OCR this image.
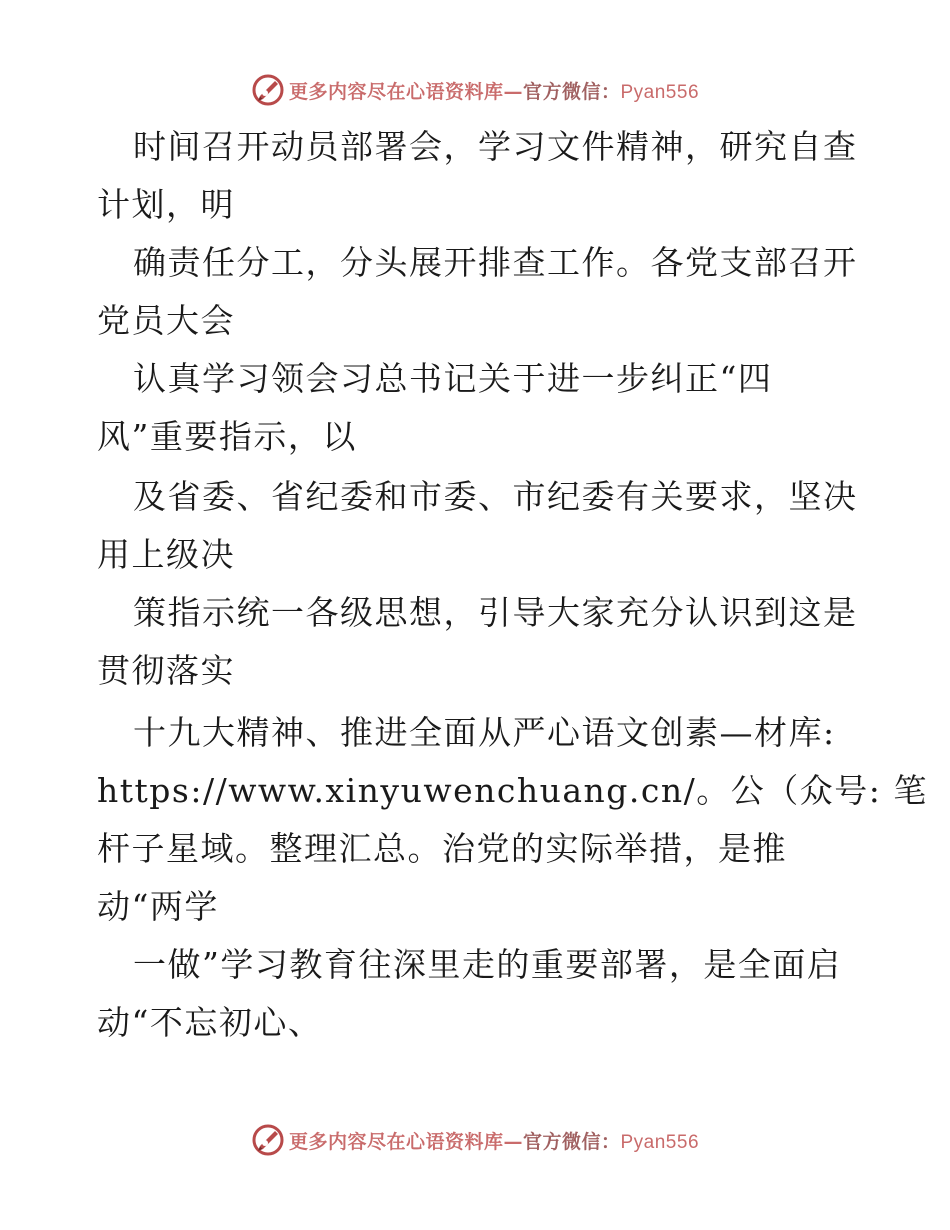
更多内容尽在心语资料库—官方微信：Pyan556
时间召开动员部署会，学习文件精神，研究自查
计划，明
确责任分工，分头展开排查工作。各党支部召开
党员大会
认真学习领会习总书记关于进一步纠正“四
风”重要指示，以
及省委、省纪委和市委、市纪委有关要求，坚决
用上级决
策指示统一各级思想，引导大家充分认识到这是
贯彻落实
十九大精神、推进全面从严心语文创素—材库:
https://www.xinyuwenchuang.cn/。公（众号: 笔
杆子星域。整理汇总。治党的实际举措，是推
动“两学
一做”学习教育往深里走的重要部署，是全面启
动“不忘初心、
更多内容尽在心语资料库—官方微信：Pyan556
